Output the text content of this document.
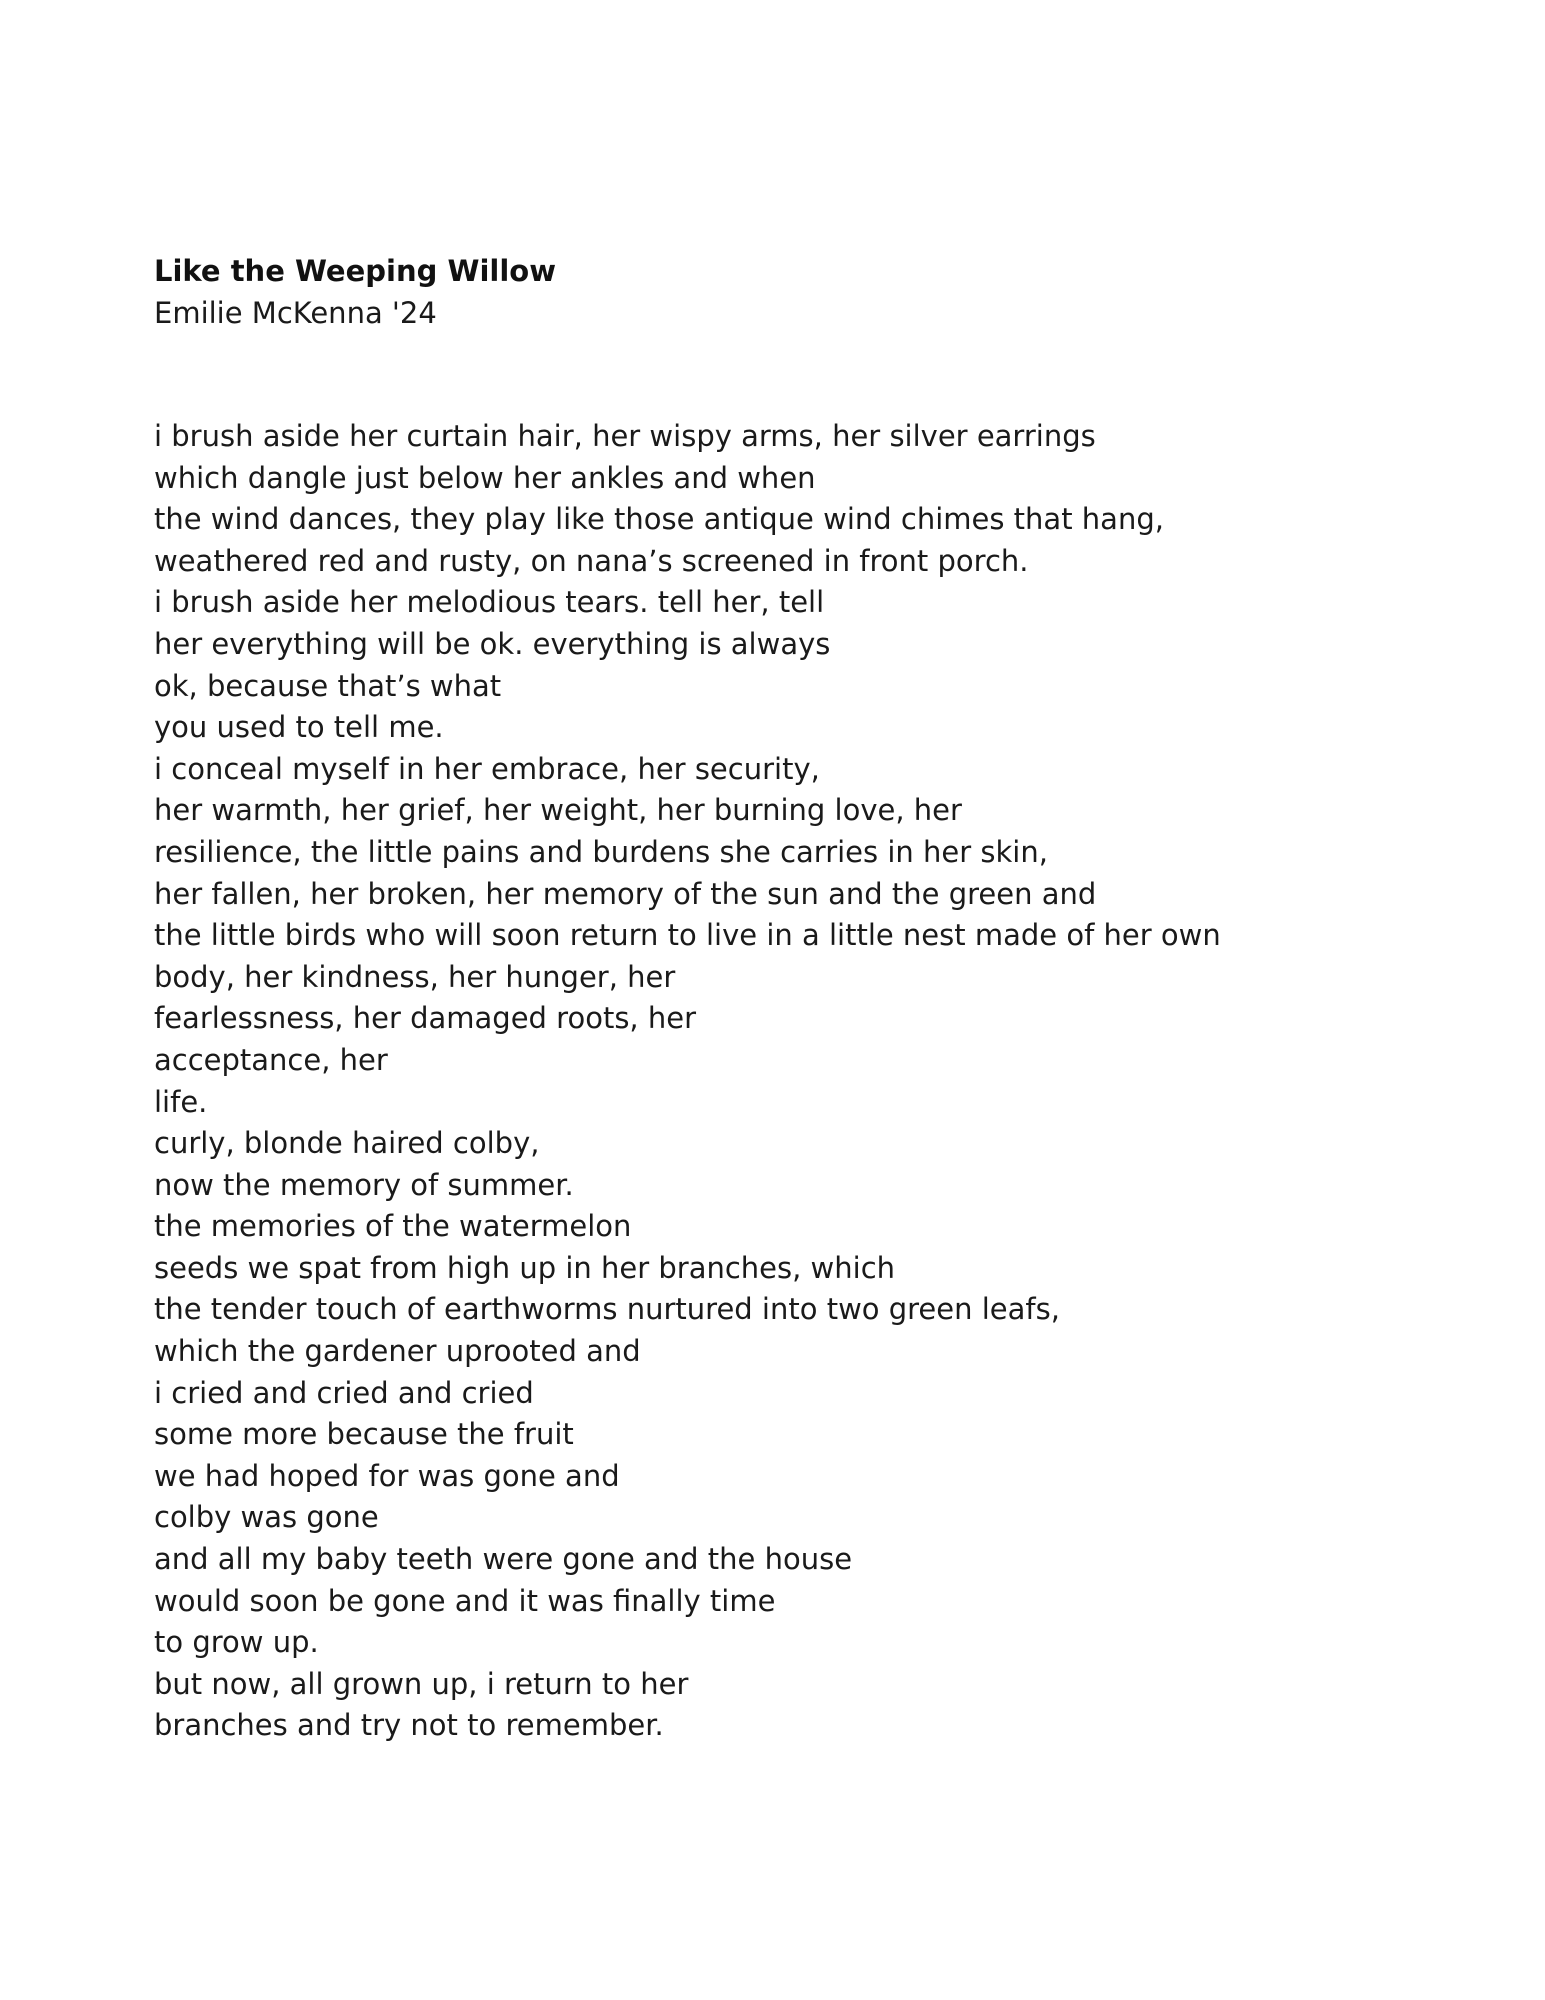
Like the Weeping Willow
Emilie McKenna '24
i brush aside her curtain hair, her wispy arms, her silver earrings
which dangle just below her ankles and when
the wind dances, they play like those antique wind chimes that hang,
weathered red and rusty, on nana’s screened in front porch.
i brush aside her melodious tears. tell her, tell
her everything will be ok. everything is always
ok, because that’s what
you used to tell me.
i conceal myself in her embrace, her security,
her warmth, her grief, her weight, her burning love, her
resilience, the little pains and burdens she carries in her skin,
her fallen, her broken, her memory of the sun and the green and
the little birds who will soon return to live in a little nest made of her own
body, her kindness, her hunger, her
fearlessness, her damaged roots, her
acceptance, her
life.
curly, blonde haired colby,
now the memory of summer.
the memories of the watermelon
seeds we spat from high up in her branches, which
the tender touch of earthworms nurtured into two green leafs,
which the gardener uprooted and
i cried and cried and cried
some more because the fruit
we had hoped for was gone and
colby was gone
and all my baby teeth were gone and the house
would soon be gone and it was finally time
to grow up.
but now, all grown up, i return to her
branches and try not to remember.
